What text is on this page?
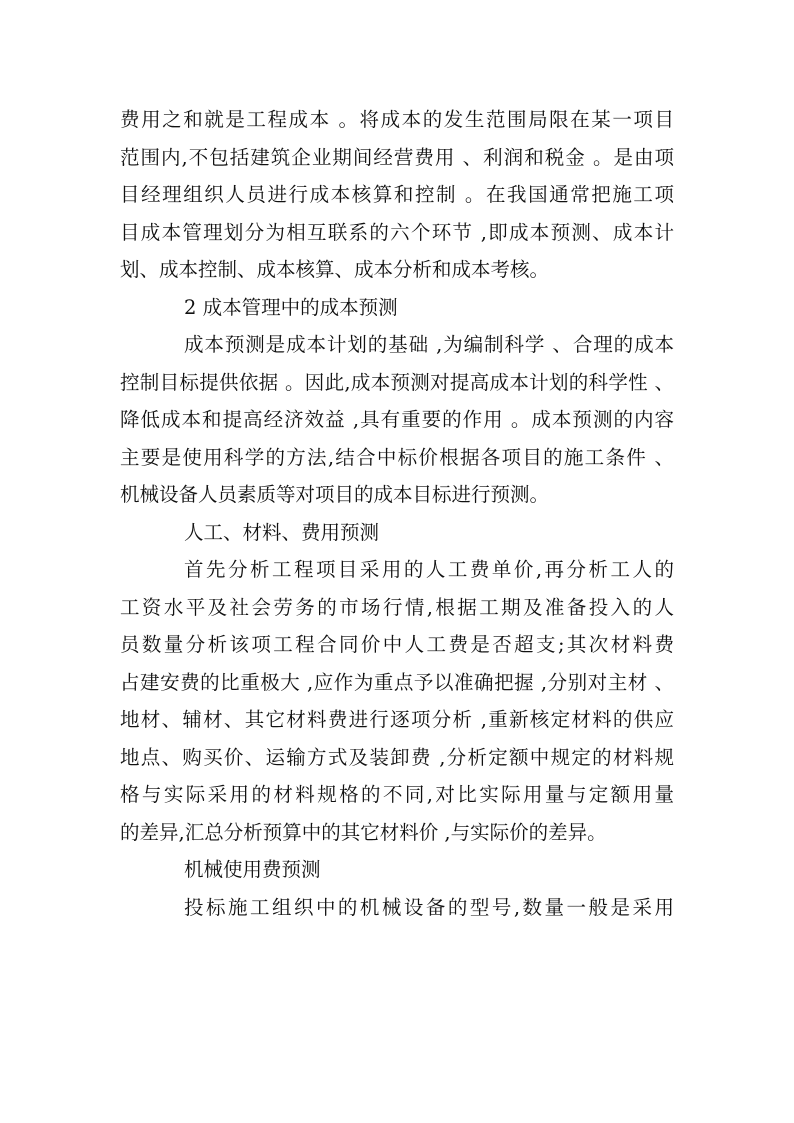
费用之和就是工程成本 。将成本的发生范围局限在某一项目
范围内,不包括建筑企业期间经营费用 、利润和税金 。是由项
目经理组织人员进行成本核算和控制 。在我国通常把施工项
目成本管理划分为相互联系的六个环节 ,即成本预测、成本计
划、成本控制、成本核算、成本分析和成本考核。
2 成本管理中的成本预测
成本预测是成本计划的基础 ,为编制科学 、合理的成本
控制目标提供依据 。因此,成本预测对提高成本计划的科学性 、
降低成本和提高经济效益 ,具有重要的作用 。成本预测的内容
主要是使用科学的方法,结合中标价根据各项目的施工条件 、
机械设备人员素质等对项目的成本目标进行预测。
人工、材料、费用预测
首先分析工程项目采用的人工费单价,再分析工人的
工资水平及社会劳务的市场行情,根据工期及准备投入的人
员数量分析该项工程合同价中人工费是否超支;其次材料费
占建安费的比重极大 ,应作为重点予以准确把握 ,分别对主材 、
地材、辅材、其它材料费进行逐项分析 ,重新核定材料的供应
地点、购买价、运输方式及装卸费 ,分析定额中规定的材料规
格与实际采用的材料规格的不同,对比实际用量与定额用量
的差异,汇总分析预算中的其它材料价 ,与实际价的差异。
机械使用费预测
投标施工组织中的机械设备的型号,数量一般是采用
